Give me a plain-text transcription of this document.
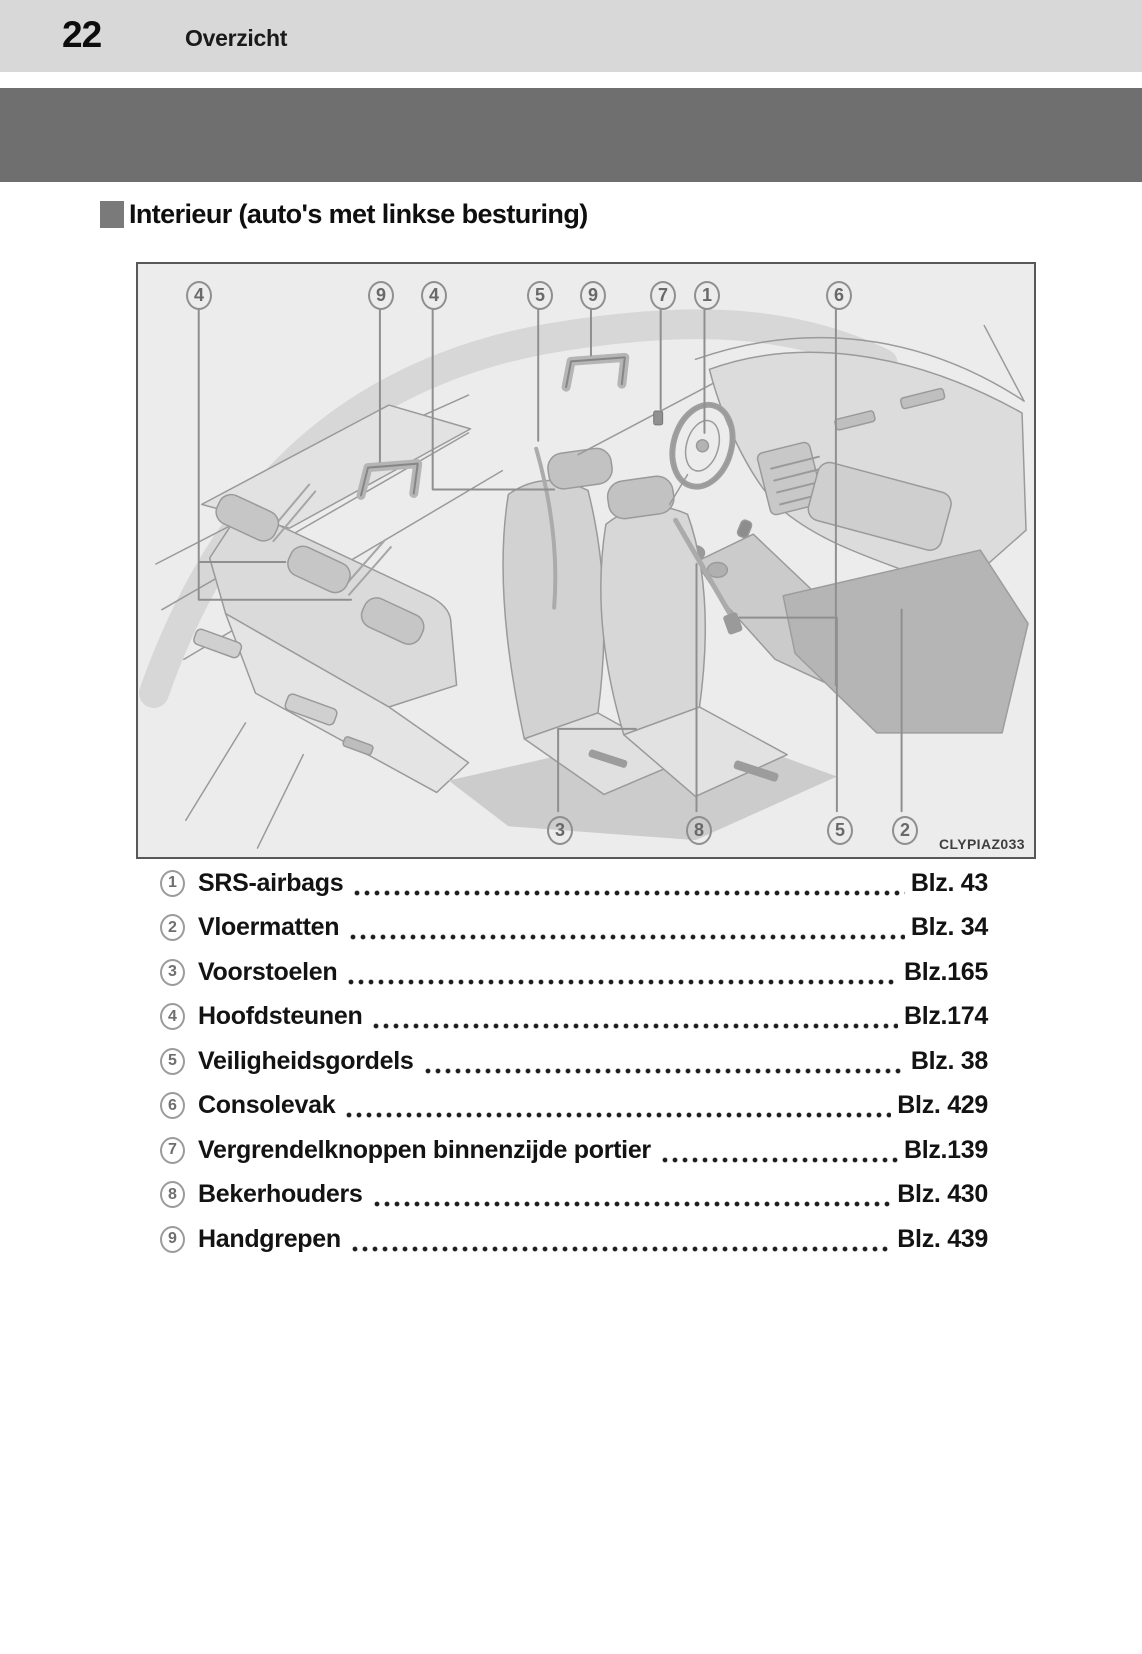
22	Overzicht
Interieur (auto's met linkse besturing)
4	9	4	5	9	7	1	6
3	8	5	2
CLYPIAZ033
1 SRS-airbags	Blz. 43
2 Vloermatten	Blz. 34
3 Voorstoelen	Blz.165
4 Hoofdsteunen	Blz.174
5 Veiligheidsgordels	Blz. 38
6 Consolevak	Blz. 429
7 Vergrendelknoppen binnenzijde portier	Blz.139
8 Bekerhouders	Blz. 430
9 Handgrepen	Blz. 439
